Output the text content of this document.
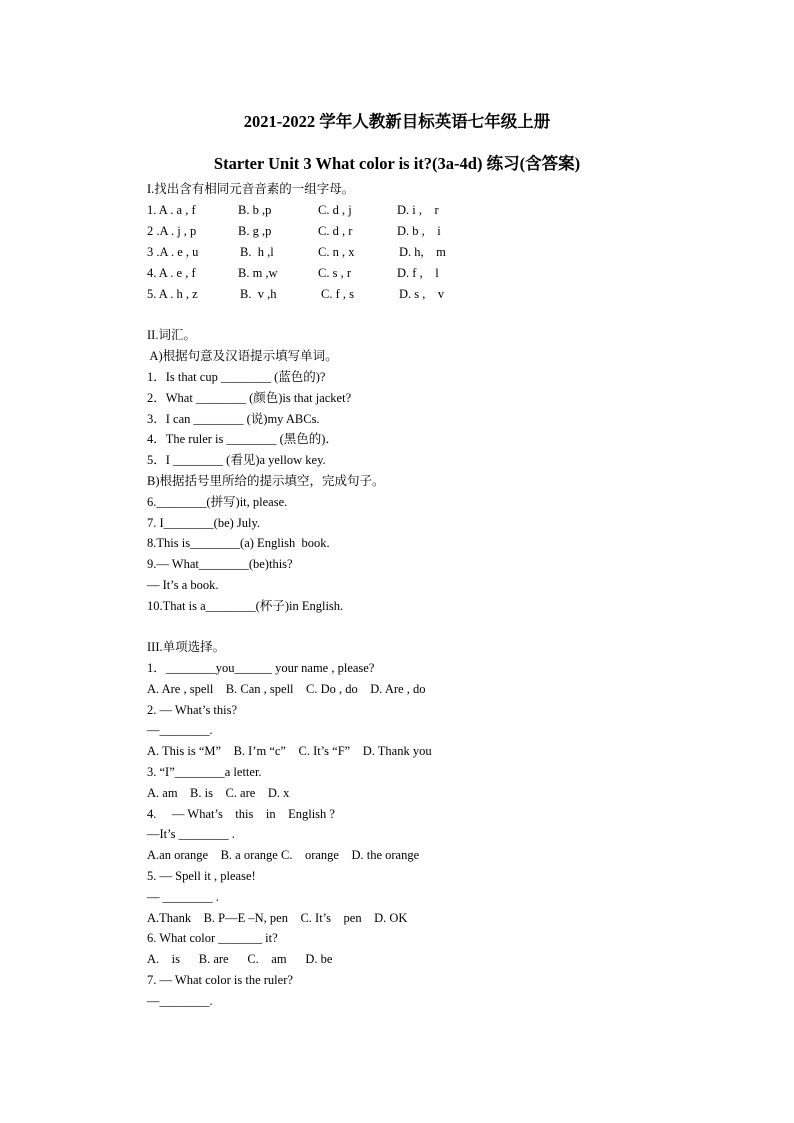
2021-2022 学年人教新目标英语七年级上册
Starter Unit 3 What color is it?(3a-4d) 练习(含答案)
I.找出含有相同元音音素的一组字母。
1. A . a , f	B. b ,p	C. d , j	D. i ,    r
2 .A . j , p	B. g ,p	C. d , r	D. b ,    i
3 .A . e , u	B.  h ,l	C. n , x	D. h,    m
4. A . e , f	B. m ,w	C. s , r	D. f ,    l
5. A . h , z	B.  v ,h	C. f , s	D. s ,    v
II.词汇。
A)根据句意及汉语提示填写单词。
1．Is that cup ________ (蓝色的)?
2．What ________ (颜色)is that jacket?
3．I can ________ (说)my ABCs.
4．The ruler is ________ (黑色的)．
5．I ________ (看见)a yellow key.
B)根据括号里所给的提示填空，完成句子。
6.________(拼写)it, please.
7. I________(be) July.
8.This is________(a) English  book.
9.— What________(be)this?
— It’s a book.
10.That is a________(杯子)in English.
III.单项选择。
1．________you______ your name , please?
A. Are , spell    B. Can , spell    C. Do , do    D. Are , do
2. — What’s this?
—________.
A. This is “M”    B. I’m “c”    C. It’s “F”    D. Thank you
3. “I”________a letter.
A. am    B. is    C. are    D. x
4.     — What’s    this    in    English ?
—It’s ________ .
A.an orange    B. a orange C.    orange    D. the orange
5. — Spell it , please!
— ________ .
A.Thank    B. P—E –N, pen    C. It’s    pen    D. OK
6. What color _______ it?
A.    is      B. are      C.    am      D. be
7. — What color is the ruler?
—________.
